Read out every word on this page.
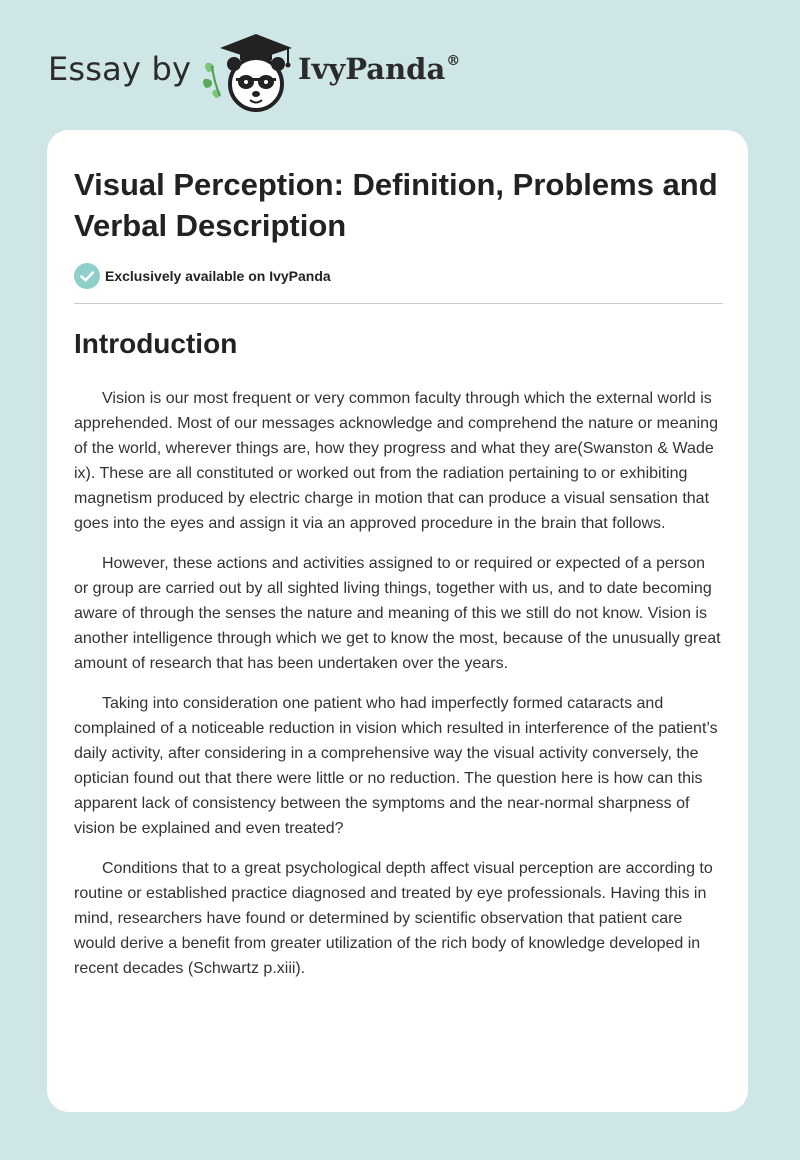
Essay by	IvyPanda®
Visual Perception: Definition, Problems and Verbal Description
Exclusively available on IvyPanda
Introduction

Vision is our most frequent or very common faculty through which the external world is apprehended. Most of our messages acknowledge and comprehend the nature or meaning of the world, wherever things are, how they progress and what they are(Swanston & Wade ix). These are all constituted or worked out from the radiation pertaining to or exhibiting magnetism produced by electric charge in motion that can produce a visual sensation that goes into the eyes and assign it via an approved procedure in the brain that follows.

However, these actions and activities assigned to or required or expected of a person or group are carried out by all sighted living things, together with us, and to date becoming aware of through the senses the nature and meaning of this we still do not know. Vision is another intelligence through which we get to know the most, because of the unusually great amount of research that has been undertaken over the years.

Taking into consideration one patient who had imperfectly formed cataracts and complained of a noticeable reduction in vision which resulted in interference of the patient’s daily activity, after considering in a comprehensive way the visual activity conversely, the optician found out that there were little or no reduction. The question here is how can this apparent lack of consistency between the symptoms and the near-normal sharpness of vision be explained and even treated?

Conditions that to a great psychological depth affect visual perception are according to routine or established practice diagnosed and treated by eye professionals. Having this in mind, researchers have found or determined by scientific observation that patient care would derive a benefit from greater utilization of the rich body of knowledge developed in recent decades (Schwartz p.xiii).
